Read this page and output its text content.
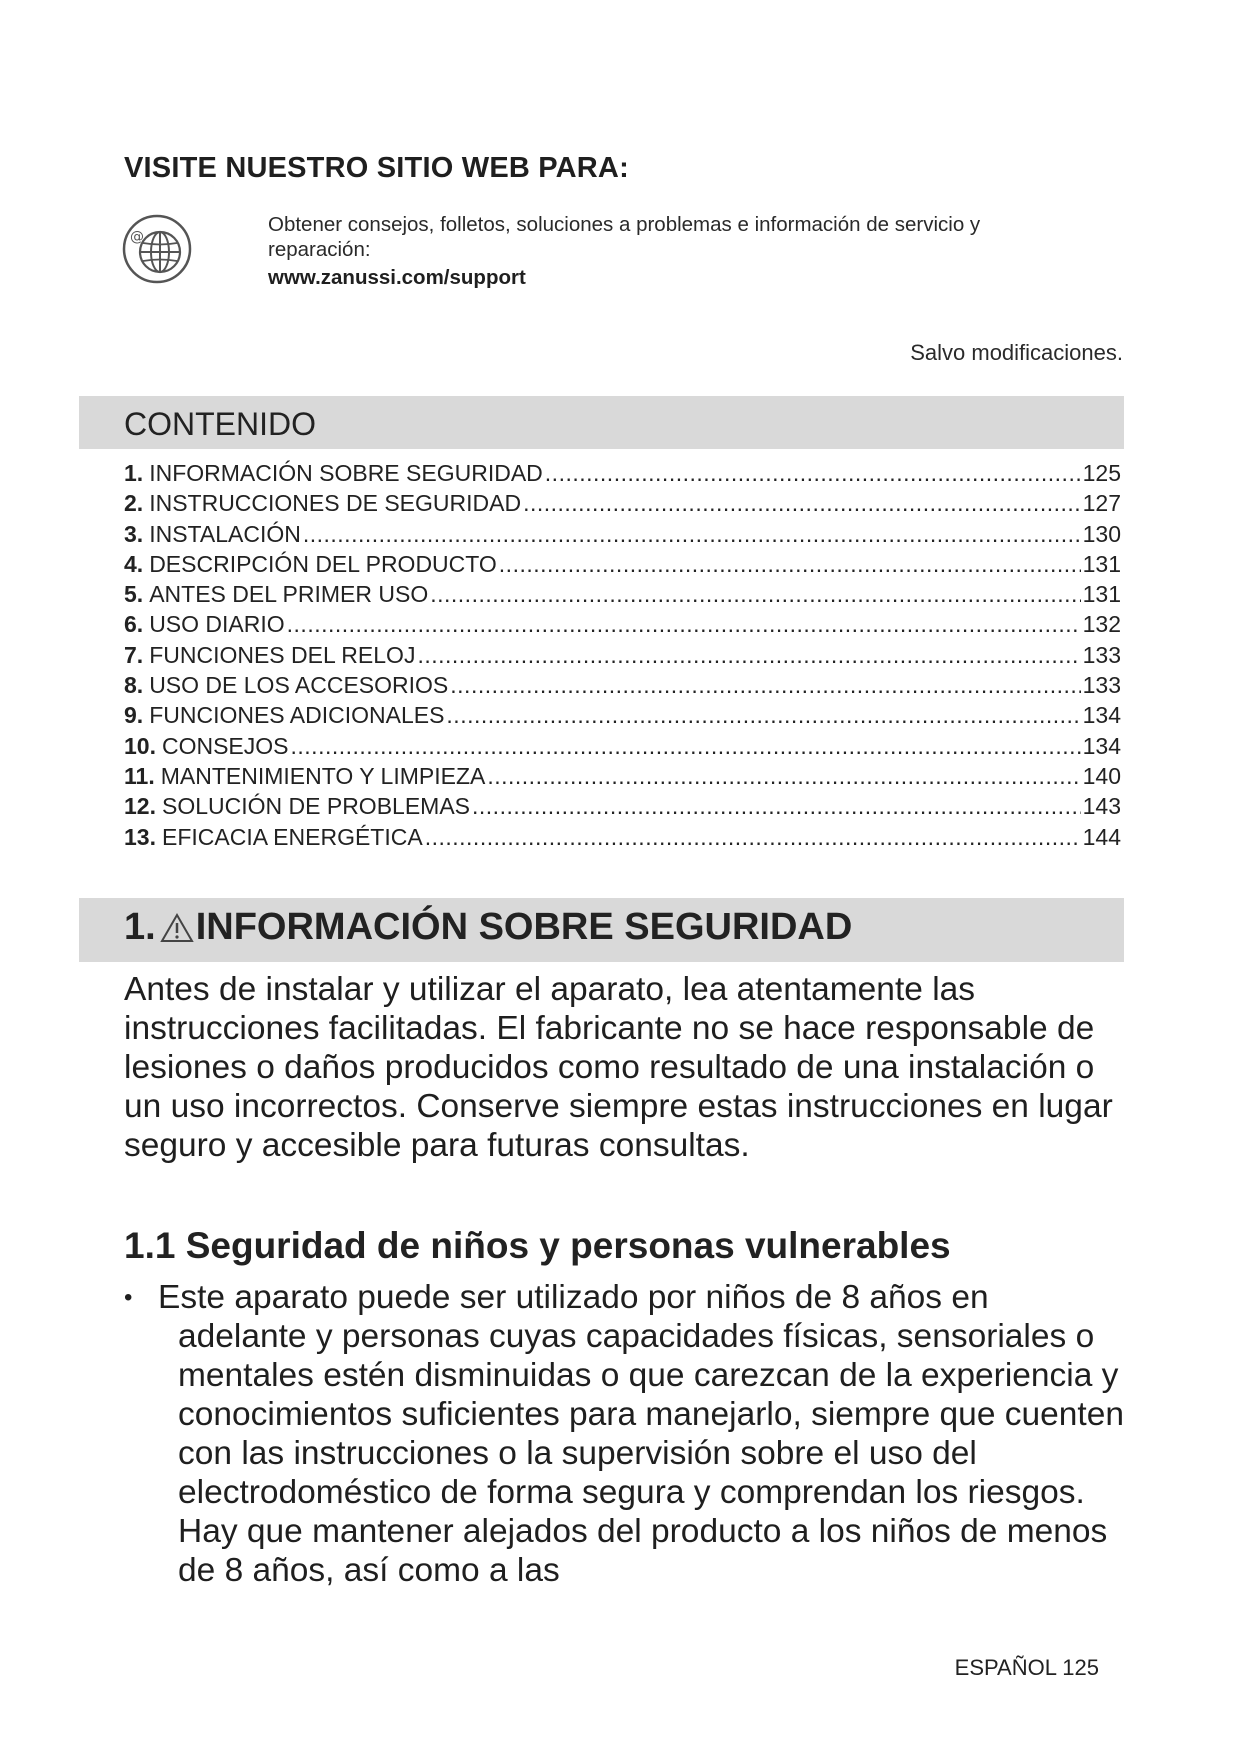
VISITE NUESTRO SITIO WEB PARA:
@
Obtener consejos, folletos, soluciones a problemas e información de servicio y reparación:
www.zanussi.com/support
Salvo modificaciones.
CONTENIDO
1. INFORMACIÓN SOBRE SEGURIDAD .....	125
2. INSTRUCCIONES DE SEGURIDAD .....	127
3. INSTALACIÓN .....	130
4. DESCRIPCIÓN DEL PRODUCTO .....	131
5. ANTES DEL PRIMER USO .....	131
6. USO DIARIO .....	132
7. FUNCIONES DEL RELOJ .....	133
8. USO DE LOS ACCESORIOS .....	133
9. FUNCIONES ADICIONALES .....	134
10. CONSEJOS .....	134
11. MANTENIMIENTO Y LIMPIEZA .....	140
12. SOLUCIÓN DE PROBLEMAS .....	143
13. EFICACIA ENERGÉTICA .....	144
1. INFORMACIÓN SOBRE SEGURIDAD
Antes de instalar y utilizar el aparato, lea atentamente las instrucciones facilitadas. El fabricante no se hace responsable de lesiones o daños producidos como resultado de una instalación o un uso incorrectos. Conserve siempre estas instrucciones en lugar seguro y accesible para futuras consultas.
1.1 Seguridad de niños y personas vulnerables
• Este aparato puede ser utilizado por niños de 8 años en adelante y personas cuyas capacidades físicas, sensoriales o mentales estén disminuidas o que carezcan de la experiencia y conocimientos suficientes para manejarlo, siempre que cuenten con las instrucciones o la supervisión sobre el uso del electrodoméstico de forma segura y comprendan los riesgos. Hay que mantener alejados del producto a los niños de menos de 8 años, así como a las
ESPAÑOL 125
